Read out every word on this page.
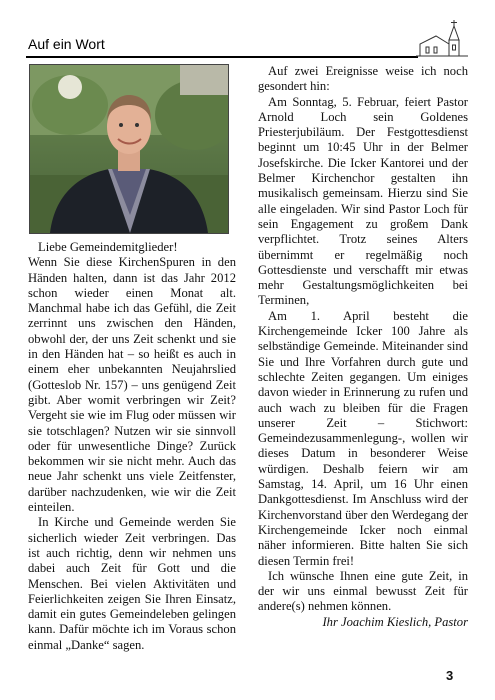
Auf ein Wort

Liebe Gemeindemitglieder!

Wenn Sie diese KirchenSpuren in den Händen halten, dann ist das Jahr 2012 schon wieder einen Monat alt. Manchmal habe ich das Gefühl, die Zeit zerrinnt uns zwischen den Händen, obwohl der, der uns Zeit schenkt und sie in den Händen hat – so heißt es auch in einem eher unbekannten Neujahrslied (Gotteslob Nr. 157) – uns genügend Zeit gibt. Aber womit verbringen wir Zeit? Vergeht sie wie im Flug oder müssen wir sie totschlagen? Nutzen wir sie sinnvoll oder für unwesentliche Dinge? Zurück bekommen wir sie nicht mehr. Auch das neue Jahr schenkt uns viele Zeitfenster, darüber nachzudenken, wie wir die Zeit einteilen.

In Kirche und Gemeinde werden Sie sicherlich wieder Zeit verbringen. Das ist auch richtig, denn wir nehmen uns dabei auch Zeit für Gott und die Menschen. Bei vielen Aktivitäten und Feierlichkeiten zeigen Sie Ihren Einsatz, damit ein gutes Gemeindeleben gelingen kann. Dafür möchte ich im Voraus schon einmal „Danke“ sagen.

Auf zwei Ereignisse weise ich noch gesondert hin:

Am Sonntag, 5. Februar, feiert Pastor Arnold Loch sein Goldenes Priesterjubiläum. Der Festgottesdienst beginnt um 10:45 Uhr in der Belmer Josefskirche. Die Icker Kantorei und der Belmer Kirchenchor gestalten ihn musikalisch gemeinsam. Hierzu sind Sie alle eingeladen. Wir sind Pastor Loch für sein Engagement zu großem Dank verpflichtet. Trotz seines Alters übernimmt er regelmäßig noch Gottesdienste und verschafft mir etwas mehr Gestaltungsmöglichkeiten bei Terminen,

Am 1. April besteht die Kirchengemeinde Icker 100 Jahre als selbständige Gemeinde. Miteinander sind Sie und Ihre Vorfahren durch gute und schlechte Zeiten gegangen. Um einiges davon wieder in Erinnerung zu rufen und auch wach zu bleiben für die Fragen unserer Zeit – Stichwort: Gemeindezusammenlegung-, wollen wir dieses Datum in besonderer Weise würdigen. Deshalb feiern wir am Samstag, 14. April, um 16 Uhr einen Dankgottesdienst. Im Anschluss wird der Kirchenvorstand über den Werdegang der Kirchengemeinde Icker noch einmal näher informieren. Bitte halten Sie sich diesen Termin frei!

Ich wünsche Ihnen eine gute Zeit, in der wir uns einmal bewusst Zeit für andere(s) nehmen können.

Ihr Joachim Kieslich, Pastor

3
